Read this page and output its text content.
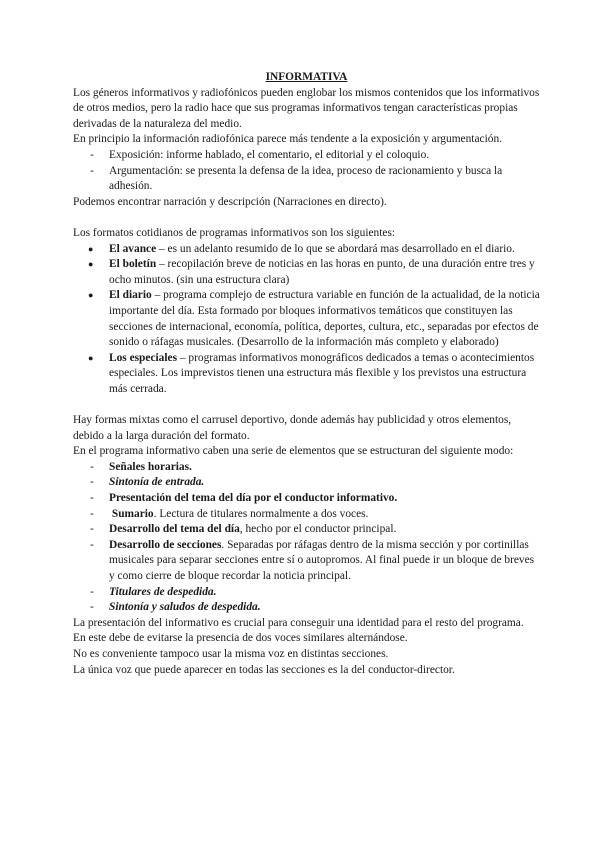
INFORMATIVA

Los géneros informativos y radiofónicos pueden englobar los mismos contenidos que los informativos de otros medios, pero la radio hace que sus programas informativos tengan características propias derivadas de la naturaleza del medio.

En principio la información radiofónica parece más tendente a la exposición y argumentación.

- Exposición: informe hablado, el comentario, el editorial y el coloquio.
- Argumentación: se presenta la defensa de la idea, proceso de racionamiento y busca la adhesión.

Podemos encontrar narración y descripción (Narraciones en directo).

Los formatos cotidianos de programas informativos son los siguientes:

● El avance – es un adelanto resumido de lo que se abordará mas desarrollado en el diario.
● El boletín – recopilación breve de noticias en las horas en punto, de una duración entre tres y ocho minutos. (sin una estructura clara)
● El diario – programa complejo de estructura variable en función de la actualidad, de la noticia importante del día. Esta formado por bloques informativos temáticos que constituyen las secciones de internacional, economía, política, deportes, cultura, etc., separadas por efectos de sonido o ráfagas musicales. (Desarrollo de la información más completo y elaborado)
● Los especiales – programas informativos monográficos dedicados a temas o acontecimientos especiales. Los imprevistos tienen una estructura más flexible y los previstos una estructura más cerrada.

Hay formas mixtas como el carrusel deportivo, donde además hay publicidad y otros elementos, debido a la larga duración del formato.

En el programa informativo caben una serie de elementos que se estructuran del siguiente modo:

- Señales horarias.
- Sintonía de entrada.
- Presentación del tema del día por el conductor informativo.
- Sumario. Lectura de titulares normalmente a dos voces.
- Desarrollo del tema del día, hecho por el conductor principal.
- Desarrollo de secciones. Separadas por ráfagas dentro de la misma sección y por cortinillas musicales para separar secciones entre sí o autopromos. Al final puede ir un bloque de breves y como cierre de bloque recordar la noticia principal.
- Titulares de despedida.
- Sintonía y saludos de despedida.

La presentación del informativo es crucial para conseguir una identidad para el resto del programa.

En este debe de evitarse la presencia de dos voces similares alternándose.

No es conveniente tampoco usar la misma voz en distintas secciones.

La única voz que puede aparecer en todas las secciones es la del conductor-director.
